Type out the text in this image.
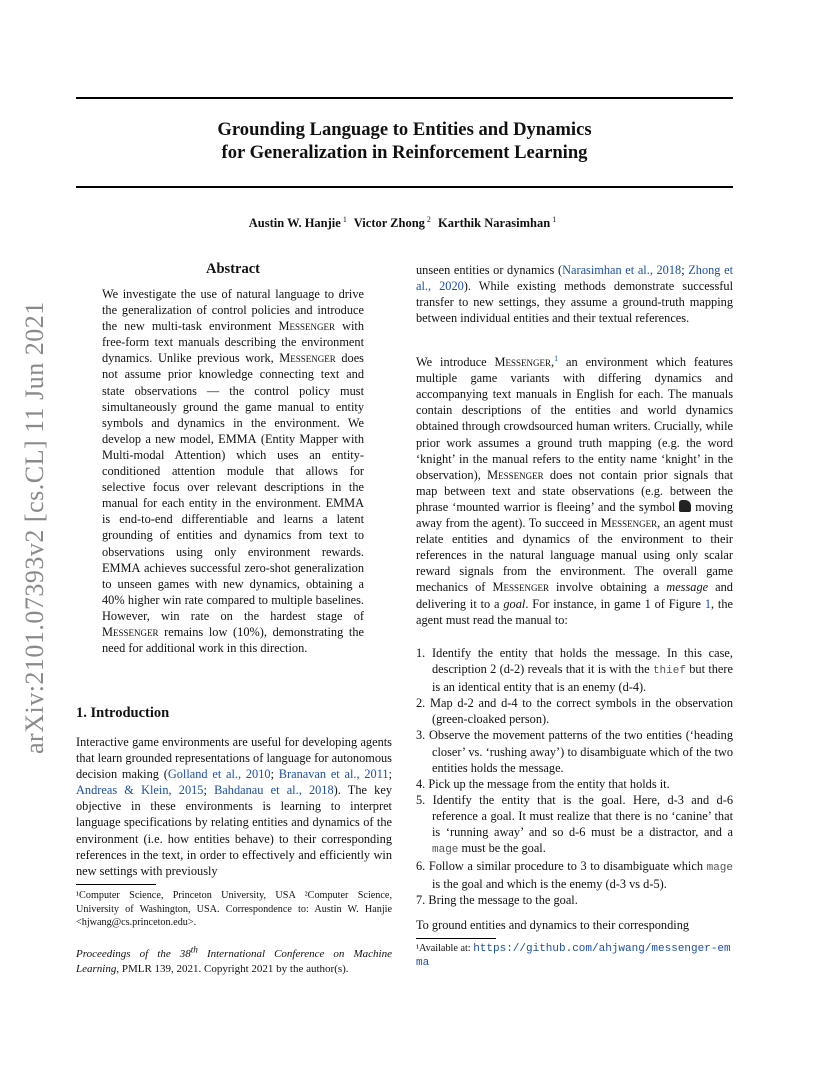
arXiv:2101.07393v2 [cs.CL] 11 Jun 2021
Grounding Language to Entities and Dynamics
for Generalization in Reinforcement Learning
Austin W. Hanjie $^1$ Victor Zhong $^2$ Karthik Narasimhan $^1$
Abstract
We investigate the use of natural language to drive the generalization of control policies and introduce the new multi-task environment Messenger with free-form text manuals describing the environment dynamics. Unlike previous work, Messenger does not assume prior knowledge connecting text and state observations — the control policy must simultaneously ground the game manual to entity symbols and dynamics in the environment. We develop a new model, EMMA (Entity Mapper with Multi-modal Attention) which uses an entity-conditioned attention module that allows for selective focus over relevant descriptions in the manual for each entity in the environment. EMMA is end-to-end differentiable and learns a latent grounding of entities and dynamics from text to observations using only environment rewards. EMMA achieves successful zero-shot generalization to unseen games with new dynamics, obtaining a 40% higher win rate compared to multiple baselines. However, win rate on the hardest stage of Messenger remains low (10%), demonstrating the need for additional work in this direction.
1. Introduction
Interactive game environments are useful for developing agents that learn grounded representations of language for autonomous decision making (Golland et al., 2010; Branavan et al., 2011; Andreas & Klein, 2015; Bahdanau et al., 2018). The key objective in these environments is learning to interpret language specifications by relating entities and dynamics of the environment (i.e. how entities behave) to their corresponding references in the text, in order to effectively and efficiently win new settings with previously
¹Computer Science, Princeton University, USA ²Computer Science, University of Washington, USA. Correspondence to: Austin W. Hanjie <hjwang@cs.princeton.edu>.
Proceedings of the 38th International Conference on Machine Learning, PMLR 139, 2021. Copyright 2021 by the author(s).
unseen entities or dynamics (Narasimhan et al., 2018; Zhong et al., 2020). While existing methods demonstrate successful transfer to new settings, they assume a ground-truth mapping between individual entities and their textual references.
We introduce Messenger,$^1$ an environment which features multiple game variants with differing dynamics and accompanying text manuals in English for each. The manuals contain descriptions of the entities and world dynamics obtained through crowdsourced human writers. Crucially, while prior work assumes a ground truth mapping (e.g. the word ‘knight’ in the manual refers to the entity name ‘knight’ in the observation), Messenger does not contain prior signals that map between text and state observations (e.g. between the phrase ‘mounted warrior is fleeing’ and the symbol moving away from the agent). To succeed in Messenger, an agent must relate entities and dynamics of the environment to their references in the natural language manual using only scalar reward signals from the environment. The overall game mechanics of Messenger involve obtaining a message and delivering it to a goal. For instance, in game 1 of Figure 1, the agent must read the manual to:
1. Identify the entity that holds the message. In this case, description 2 (d-2) reveals that it is with the thief but there is an identical entity that is an enemy (d-4).
2. Map d-2 and d-4 to the correct symbols in the observation (green-cloaked person).
3. Observe the movement patterns of the two entities (‘heading closer’ vs. ‘rushing away’) to disambiguate which of the two entities holds the message.
4. Pick up the message from the entity that holds it.
5. Identify the entity that is the goal. Here, d-3 and d-6 reference a goal. It must realize that there is no ‘canine’ that is ‘running away’ and so d-6 must be a distractor, and a mage must be the goal.
6. Follow a similar procedure to 3 to disambiguate which mage is the goal and which is the enemy (d-3 vs d-5).
7. Bring the message to the goal.
To ground entities and dynamics to their corresponding
¹Available at: https://github.com/ahjwang/messenger-emma
